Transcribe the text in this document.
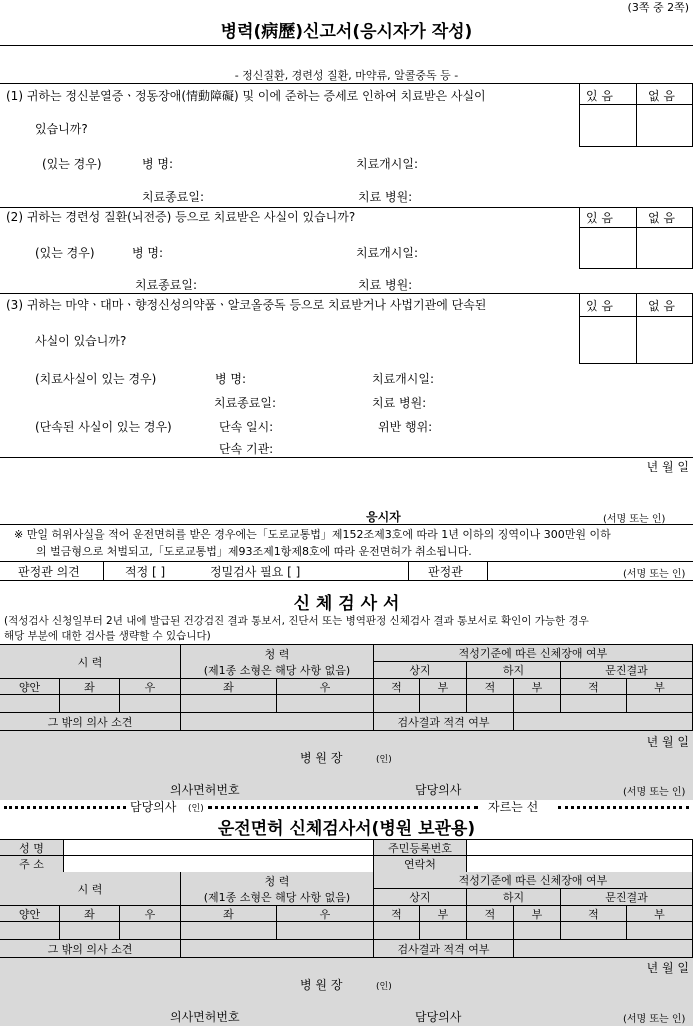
(3쪽 중 2쪽)
병력(病歷)신고서(응시자가 작성)
- 정신질환, 경련성 질환, 마약류, 알콜중독 등 -
(1) 귀하는 정신분열증ㆍ정동장애(情動障礙) 및 이에 준하는 증세로 인하여 치료받은 사실이
있습니까?
(있는 경우)	병 명:	치료개시일:
치료종료일:	치료 병원:
있 음	없 음
(2) 귀하는 경련성 질환(뇌전증) 등으로 치료받은 사실이 있습니까?
(있는 경우)	병 명:	치료개시일:
치료종료일:	치료 병원:
있 음	없 음
(3) 귀하는 마약ㆍ대마ㆍ향정신성의약품ㆍ알코올중독 등으로 치료받거나 사법기관에 단속된
사실이 있습니까?
(치료사실이 있는 경우)	병 명:	치료개시일:
치료종료일:	치료 병원:
(단속된 사실이 있는 경우)	단속 일시:	위반 행위:
단속 기관:
있 음	없 음
년 월 일
응시자	(서명 또는 인)
※ 만일 허위사실을 적어 운전면허를 받은 경우에는「도로교통법」제152조제3호에 따라 1년 이하의 징역이나 300만원 이하
의 벌금형으로 처벌되고,「도로교통법」제93조제1항제8호에 따라 운전면허가 취소됩니다.
판정관 의견	적정 [ ]	정밀검사 필요 [ ]	판정관	(서명 또는 인)
신 체 검 사 서
(적성검사 신청일부터 2년 내에 발급된 건강검진 결과 통보서, 진단서 또는 병역판정 신체검사 결과 통보서로 확인이 가능한 경우
해당 부분에 대한 검사를 생략할 수 있습니다)
시 력
청 력
(제1종 소형은 해당 사항 없음)
적성기준에 따른 신체장애 여부
상지	하지	문진결과
양안	좌	우	좌	우	적	부	적	부	적	부
그 밖의 의사 소견	검사결과 적격 여부
년 월 일
병 원 장	(인)
의사면허번호	담당의사	(서명 또는 인)
담당의사 (인)	자르는 선
운전면허 신체검사서(병원 보관용)
성 명	주민등록번호
주 소	연락처
시 력
청 력
(제1종 소형은 해당 사항 없음)
적성기준에 따른 신체장애 여부
상지	하지	문진결과
양안	좌	우	좌	우	적	부	적	부	적	부
그 밖의 의사 소견	검사결과 적격 여부
년 월 일
병 원 장	(인)
의사면허번호	담당의사	(서명 또는 인)
